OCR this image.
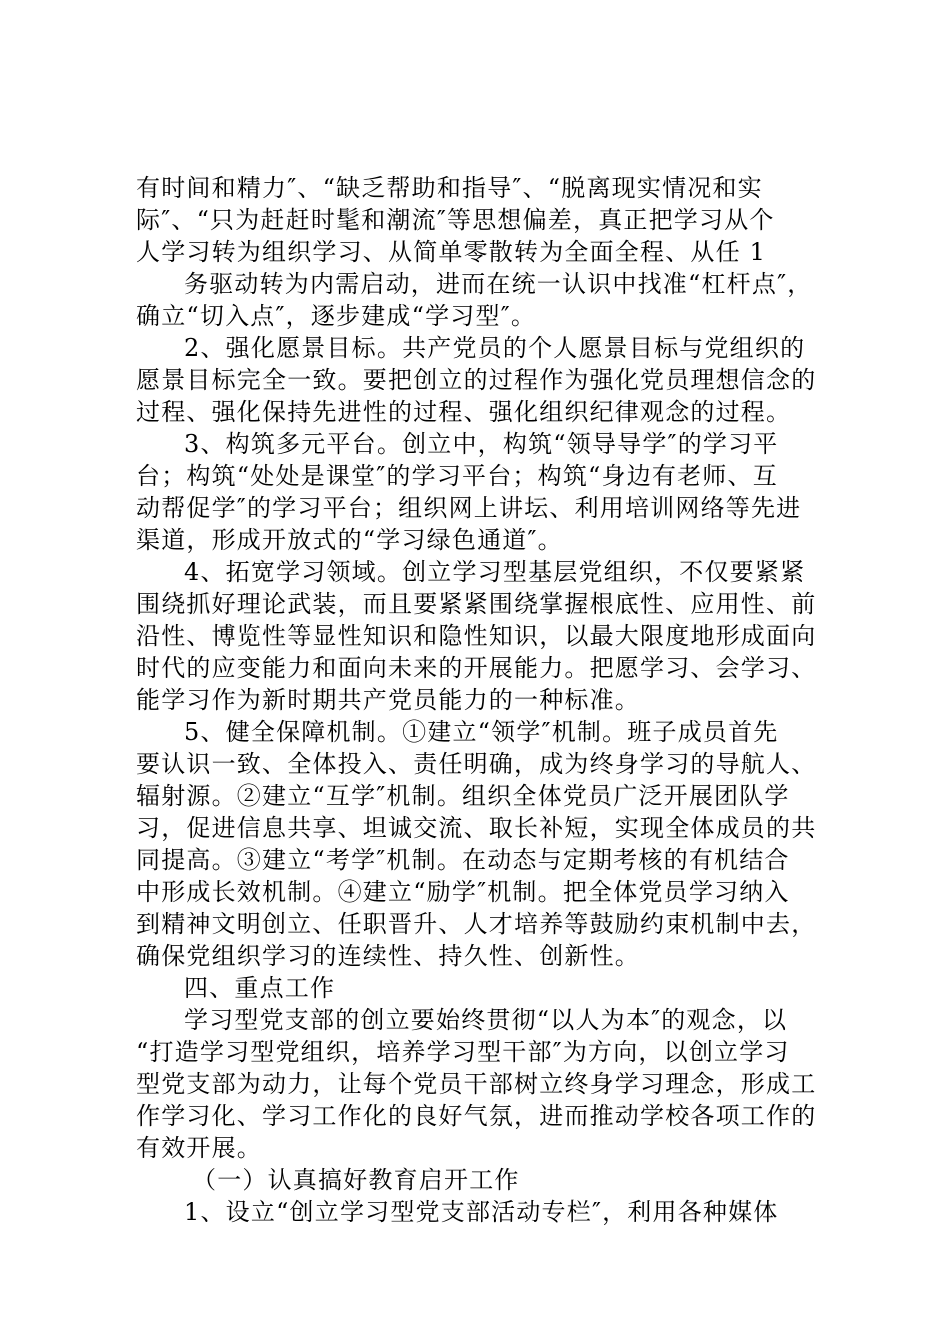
有时间和精力″、“缺乏帮助和指导″、“脱离现实情况和实
际″、“只为赶赶时髦和潮流″等思想偏差，真正把学习从个
人学习转为组织学习、从简单零散转为全面全程、从任 1
务驱动转为内需启动，进而在统一认识中找准“杠杆点″，
确立“切入点″，逐步建成“学习型″。
2、强化愿景目标。共产党员的个人愿景目标与党组织的
愿景目标完全一致。要把创立的过程作为强化党员理想信念的
过程、强化保持先进性的过程、强化组织纪律观念的过程。
3、构筑多元平台。创立中，构筑“领导导学″的学习平
台；构筑“处处是课堂″的学习平台；构筑“身边有老师、互
动帮促学″的学习平台；组织网上讲坛、利用培训网络等先进
渠道，形成开放式的“学习绿色通道″。
4、拓宽学习领域。创立学习型基层党组织，不仅要紧紧
围绕抓好理论武装，而且要紧紧围绕掌握根底性、应用性、前
沿性、博览性等显性知识和隐性知识，以最大限度地形成面向
时代的应变能力和面向未来的开展能力。把愿学习、会学习、
能学习作为新时期共产党员能力的一种标准。
5、健全保障机制。①建立“领学″机制。班子成员首先
要认识一致、全体投入、责任明确，成为终身学习的导航人、
辐射源。②建立“互学″机制。组织全体党员广泛开展团队学
习，促进信息共享、坦诚交流、取长补短，实现全体成员的共
同提高。③建立“考学″机制。在动态与定期考核的有机结合
中形成长效机制。④建立“励学″机制。把全体党员学习纳入
到精神文明创立、任职晋升、人才培养等鼓励约束机制中去，
确保党组织学习的连续性、持久性、创新性。
四、重点工作
学习型党支部的创立要始终贯彻“以人为本″的观念，以
“打造学习型党组织，培养学习型干部″为方向，以创立学习
型党支部为动力，让每个党员干部树立终身学习理念，形成工
作学习化、学习工作化的良好气氛，进而推动学校各项工作的
有效开展。
（一）认真搞好教育启开工作
1、设立“创立学习型党支部活动专栏″，利用各种媒体
